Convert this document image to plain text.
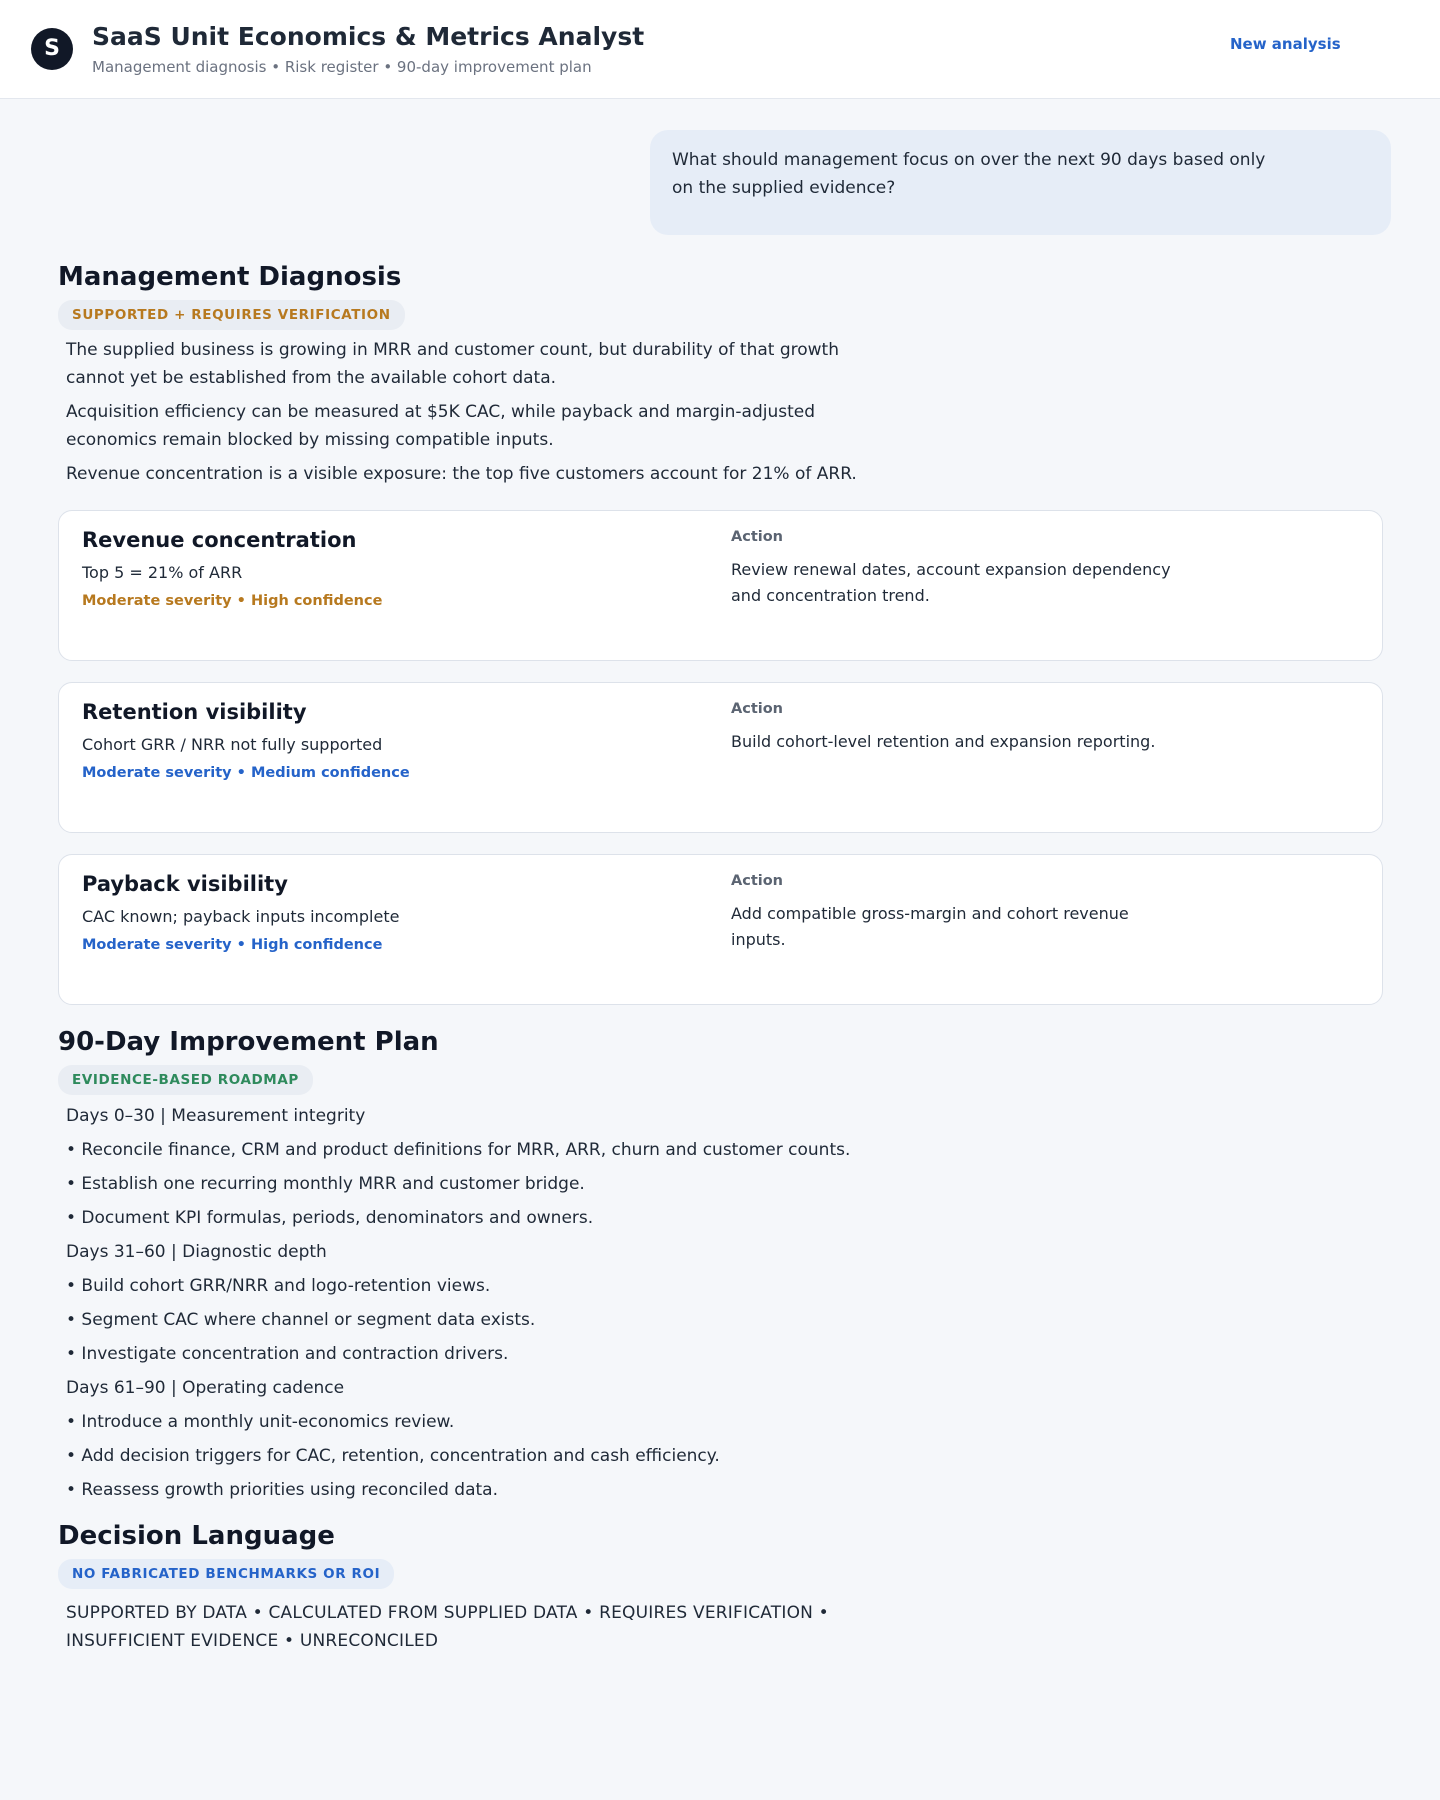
S	SaaS Unit Economics & Metrics Analyst
Management diagnosis • Risk register • 90-day improvement plan
New analysis
What should management focus on over the next 90 days based only on the supplied evidence?
Management Diagnosis
SUPPORTED + REQUIRES VERIFICATION

The supplied business is growing in MRR and customer count, but durability of that growth cannot yet be established from the available cohort data.

Acquisition efficiency can be measured at $5K CAC, while payback and margin-adjusted economics remain blocked by missing compatible inputs.

Revenue concentration is a visible exposure: the top five customers account for 21% of ARR.

Revenue concentration
Top 5 = 21% of ARR
Moderate severity • High confidence
Action
Review renewal dates, account expansion dependency and concentration trend.
Retention visibility
Cohort GRR / NRR not fully supported
Moderate severity • Medium confidence
Action
Build cohort-level retention and expansion reporting.
Payback visibility
CAC known; payback inputs incomplete
Moderate severity • High confidence
Action
Add compatible gross-margin and cohort revenue inputs.
90-Day Improvement Plan
EVIDENCE-BASED ROADMAP
Days 0–30 | Measurement integrity
• Reconcile finance, CRM and product definitions for MRR, ARR, churn and customer counts.
• Establish one recurring monthly MRR and customer bridge.
• Document KPI formulas, periods, denominators and owners.
Days 31–60 | Diagnostic depth
• Build cohort GRR/NRR and logo-retention views.
• Segment CAC where channel or segment data exists.
• Investigate concentration and contraction drivers.
Days 61–90 | Operating cadence
• Introduce a monthly unit-economics review.
• Add decision triggers for CAC, retention, concentration and cash efficiency.
• Reassess growth priorities using reconciled data.
Decision Language
NO FABRICATED BENCHMARKS OR ROI
SUPPORTED BY DATA • CALCULATED FROM SUPPLIED DATA • REQUIRES VERIFICATION • INSUFFICIENT EVIDENCE • UNRECONCILED
